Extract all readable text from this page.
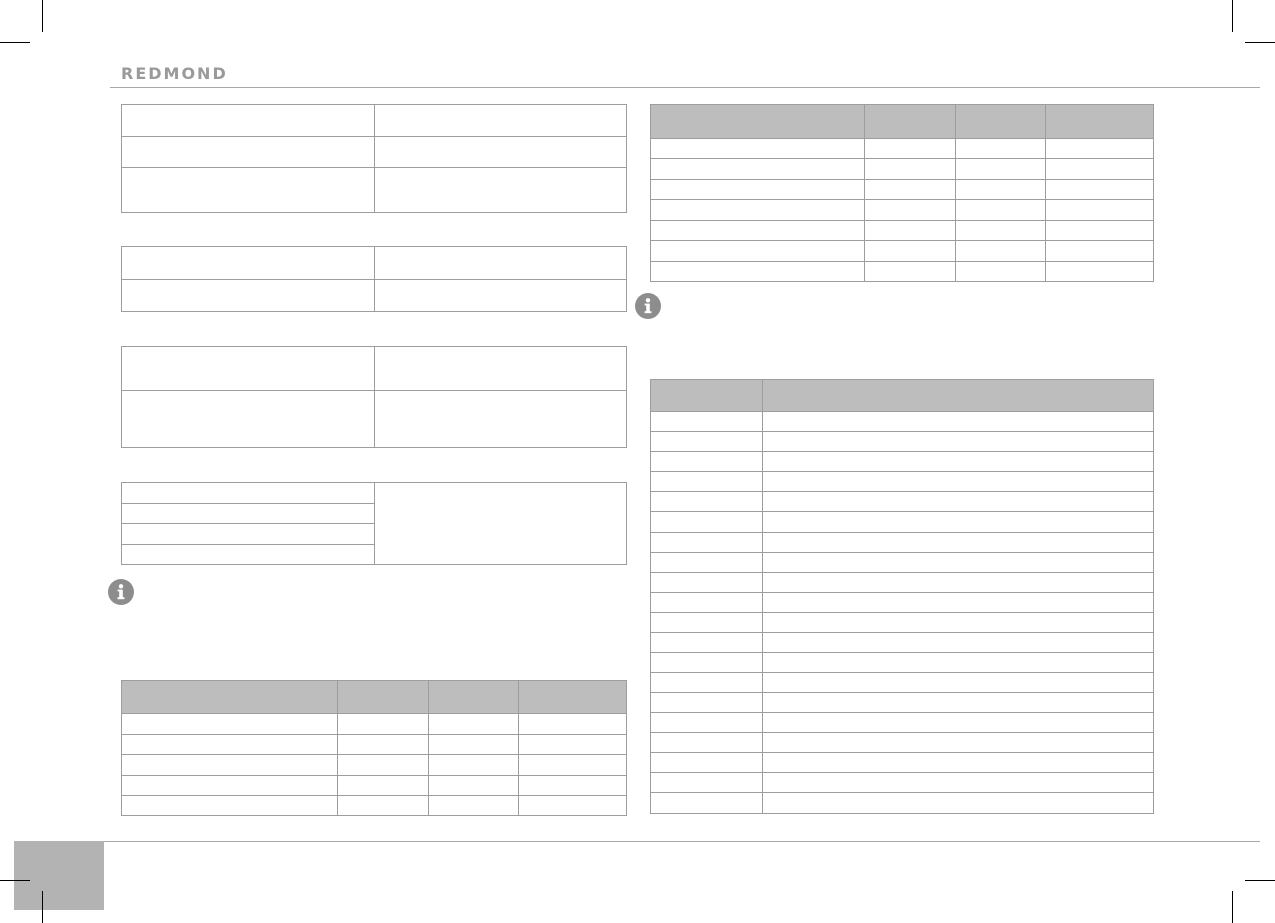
REDMOND
